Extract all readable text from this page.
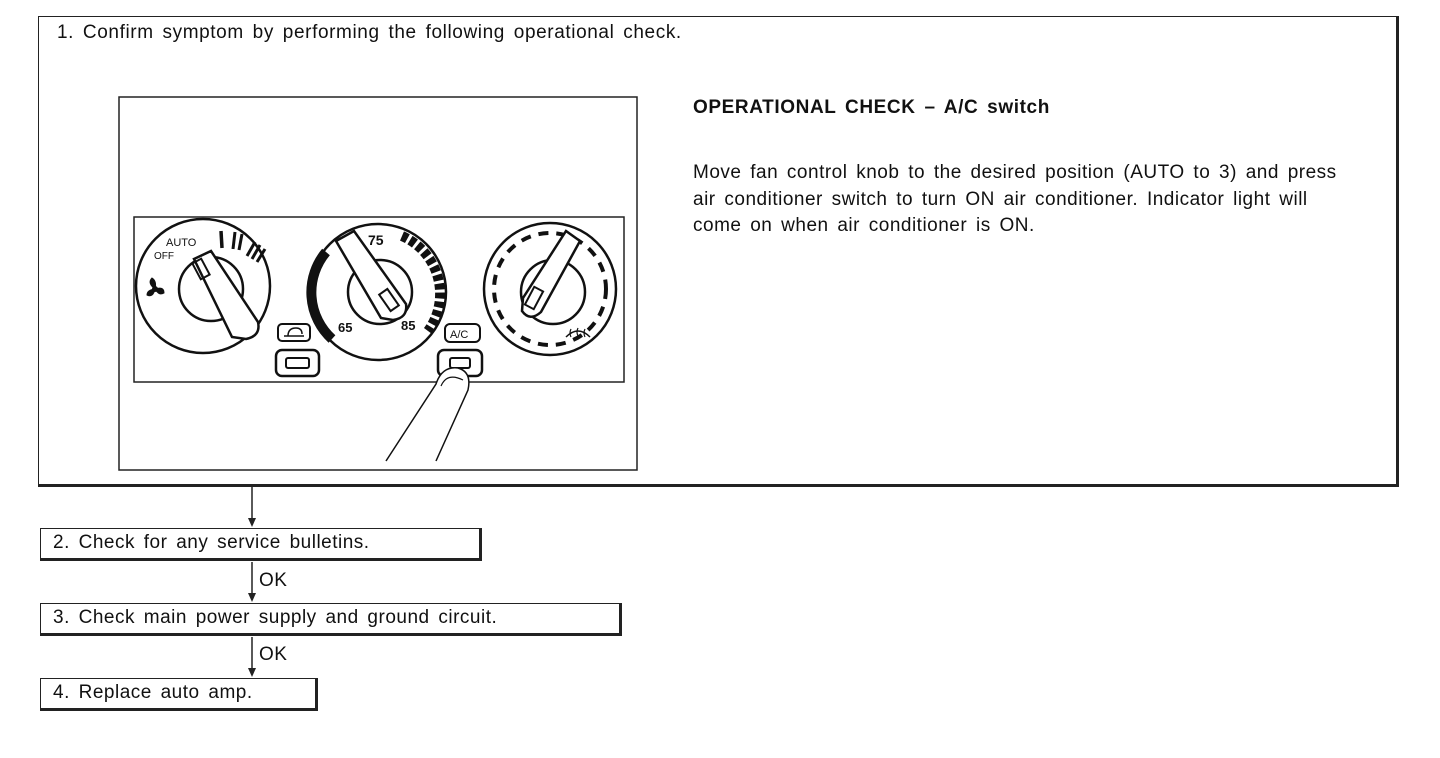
1. Confirm symptom by performing the following operational check.
AUTO
OFF
75
65	85
A/C
OPERATIONAL CHECK – A/C switch
Move fan control knob to the desired position (AUTO to 3) and press air conditioner switch to turn ON air conditioner. Indicator light will come on when air conditioner is ON.
2. Check for any service bulletins.
OK
3. Check main power supply and ground circuit.
OK
4. Replace auto amp.
